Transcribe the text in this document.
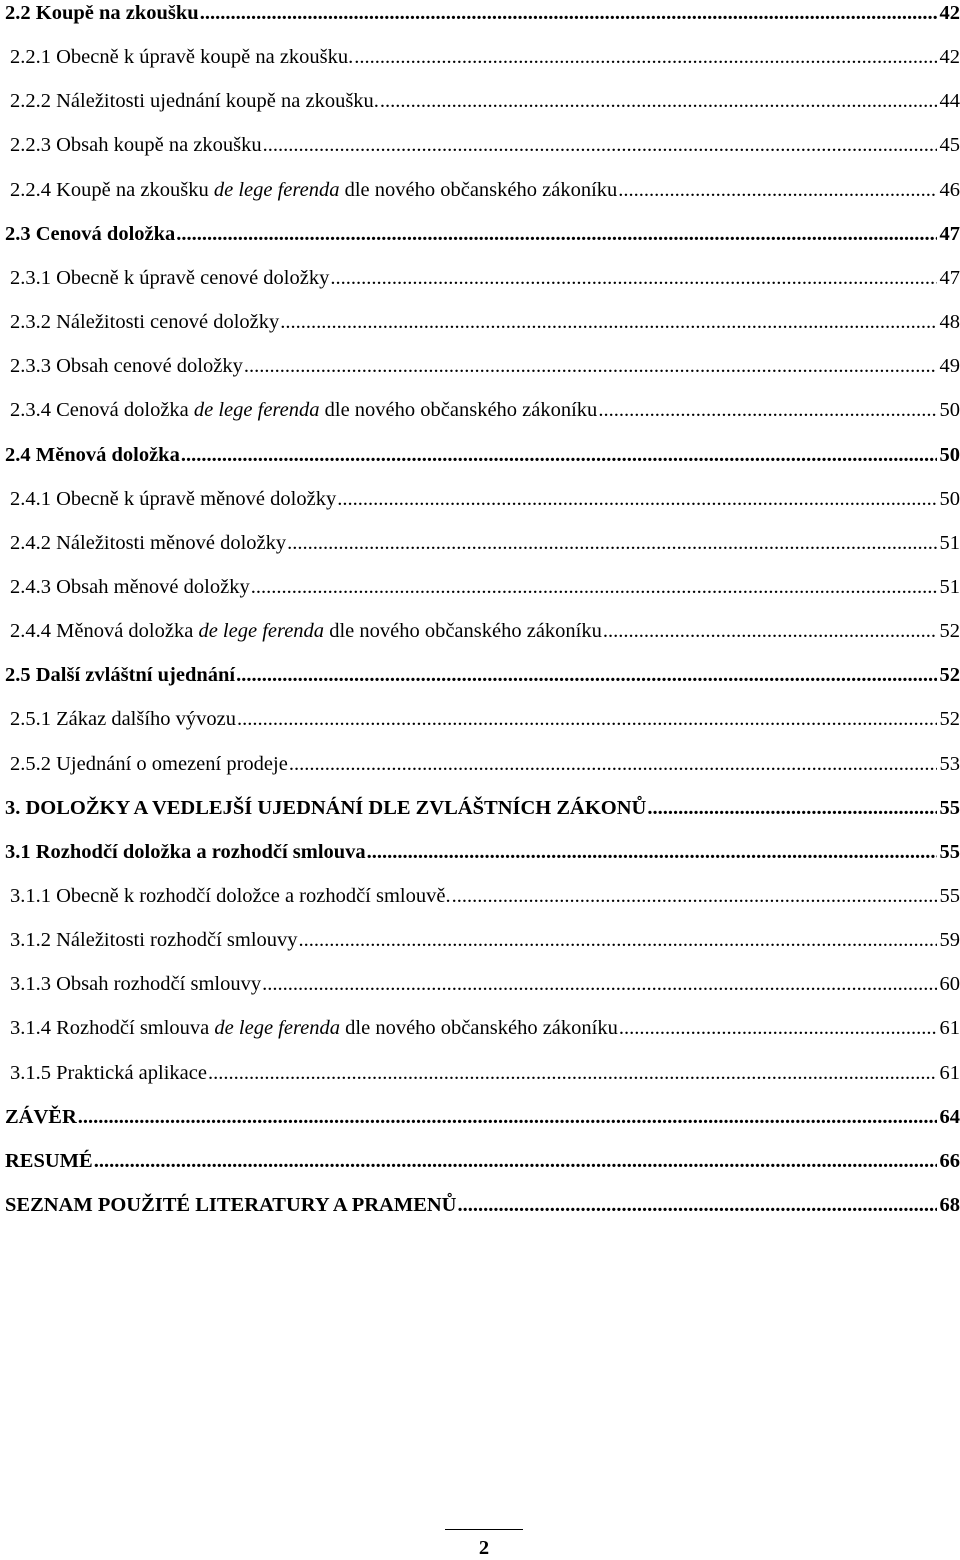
2.2 Koupě na zkoušku .....	42
2.2.1 Obecně k úpravě koupě na zkoušku. .....	42
2.2.2 Náležitosti ujednání koupě na zkoušku. .....	44
2.2.3 Obsah koupě na zkoušku .....	45
2.2.4 Koupě na zkoušku de lege ferenda dle nového občanského zákoníku .....	46
2.3 Cenová doložka .....	47
2.3.1 Obecně k úpravě cenové doložky .....	47
2.3.2 Náležitosti cenové doložky .....	48
2.3.3 Obsah cenové doložky .....	49
2.3.4 Cenová doložka de lege ferenda dle nového občanského zákoníku .....	50
2.4 Měnová doložka .....	50
2.4.1 Obecně k úpravě měnové doložky .....	50
2.4.2 Náležitosti měnové doložky .....	51
2.4.3 Obsah měnové doložky .....	51
2.4.4 Měnová doložka de lege ferenda dle nového občanského zákoníku .....	52
2.5 Další zvláštní ujednání .....	52
2.5.1 Zákaz dalšího vývozu .....	52
2.5.2 Ujednání o omezení prodeje .....	53
3. DOLOŽKY A VEDLEJŠÍ UJEDNÁNÍ DLE ZVLÁŠTNÍCH ZÁKONŮ .....	55
3.1 Rozhodčí doložka a rozhodčí smlouva .....	55
3.1.1 Obecně k rozhodčí doložce a rozhodčí smlouvě. .....	55
3.1.2 Náležitosti rozhodčí smlouvy .....	59
3.1.3 Obsah rozhodčí smlouvy .....	60
3.1.4 Rozhodčí smlouva de lege ferenda dle nového občanského zákoníku .....	61
3.1.5 Praktická aplikace .....	61
ZÁVĚR .....	64
RESUMÉ .....	66
SEZNAM POUŽITÉ LITERATURY A PRAMENŮ .....	68
2
